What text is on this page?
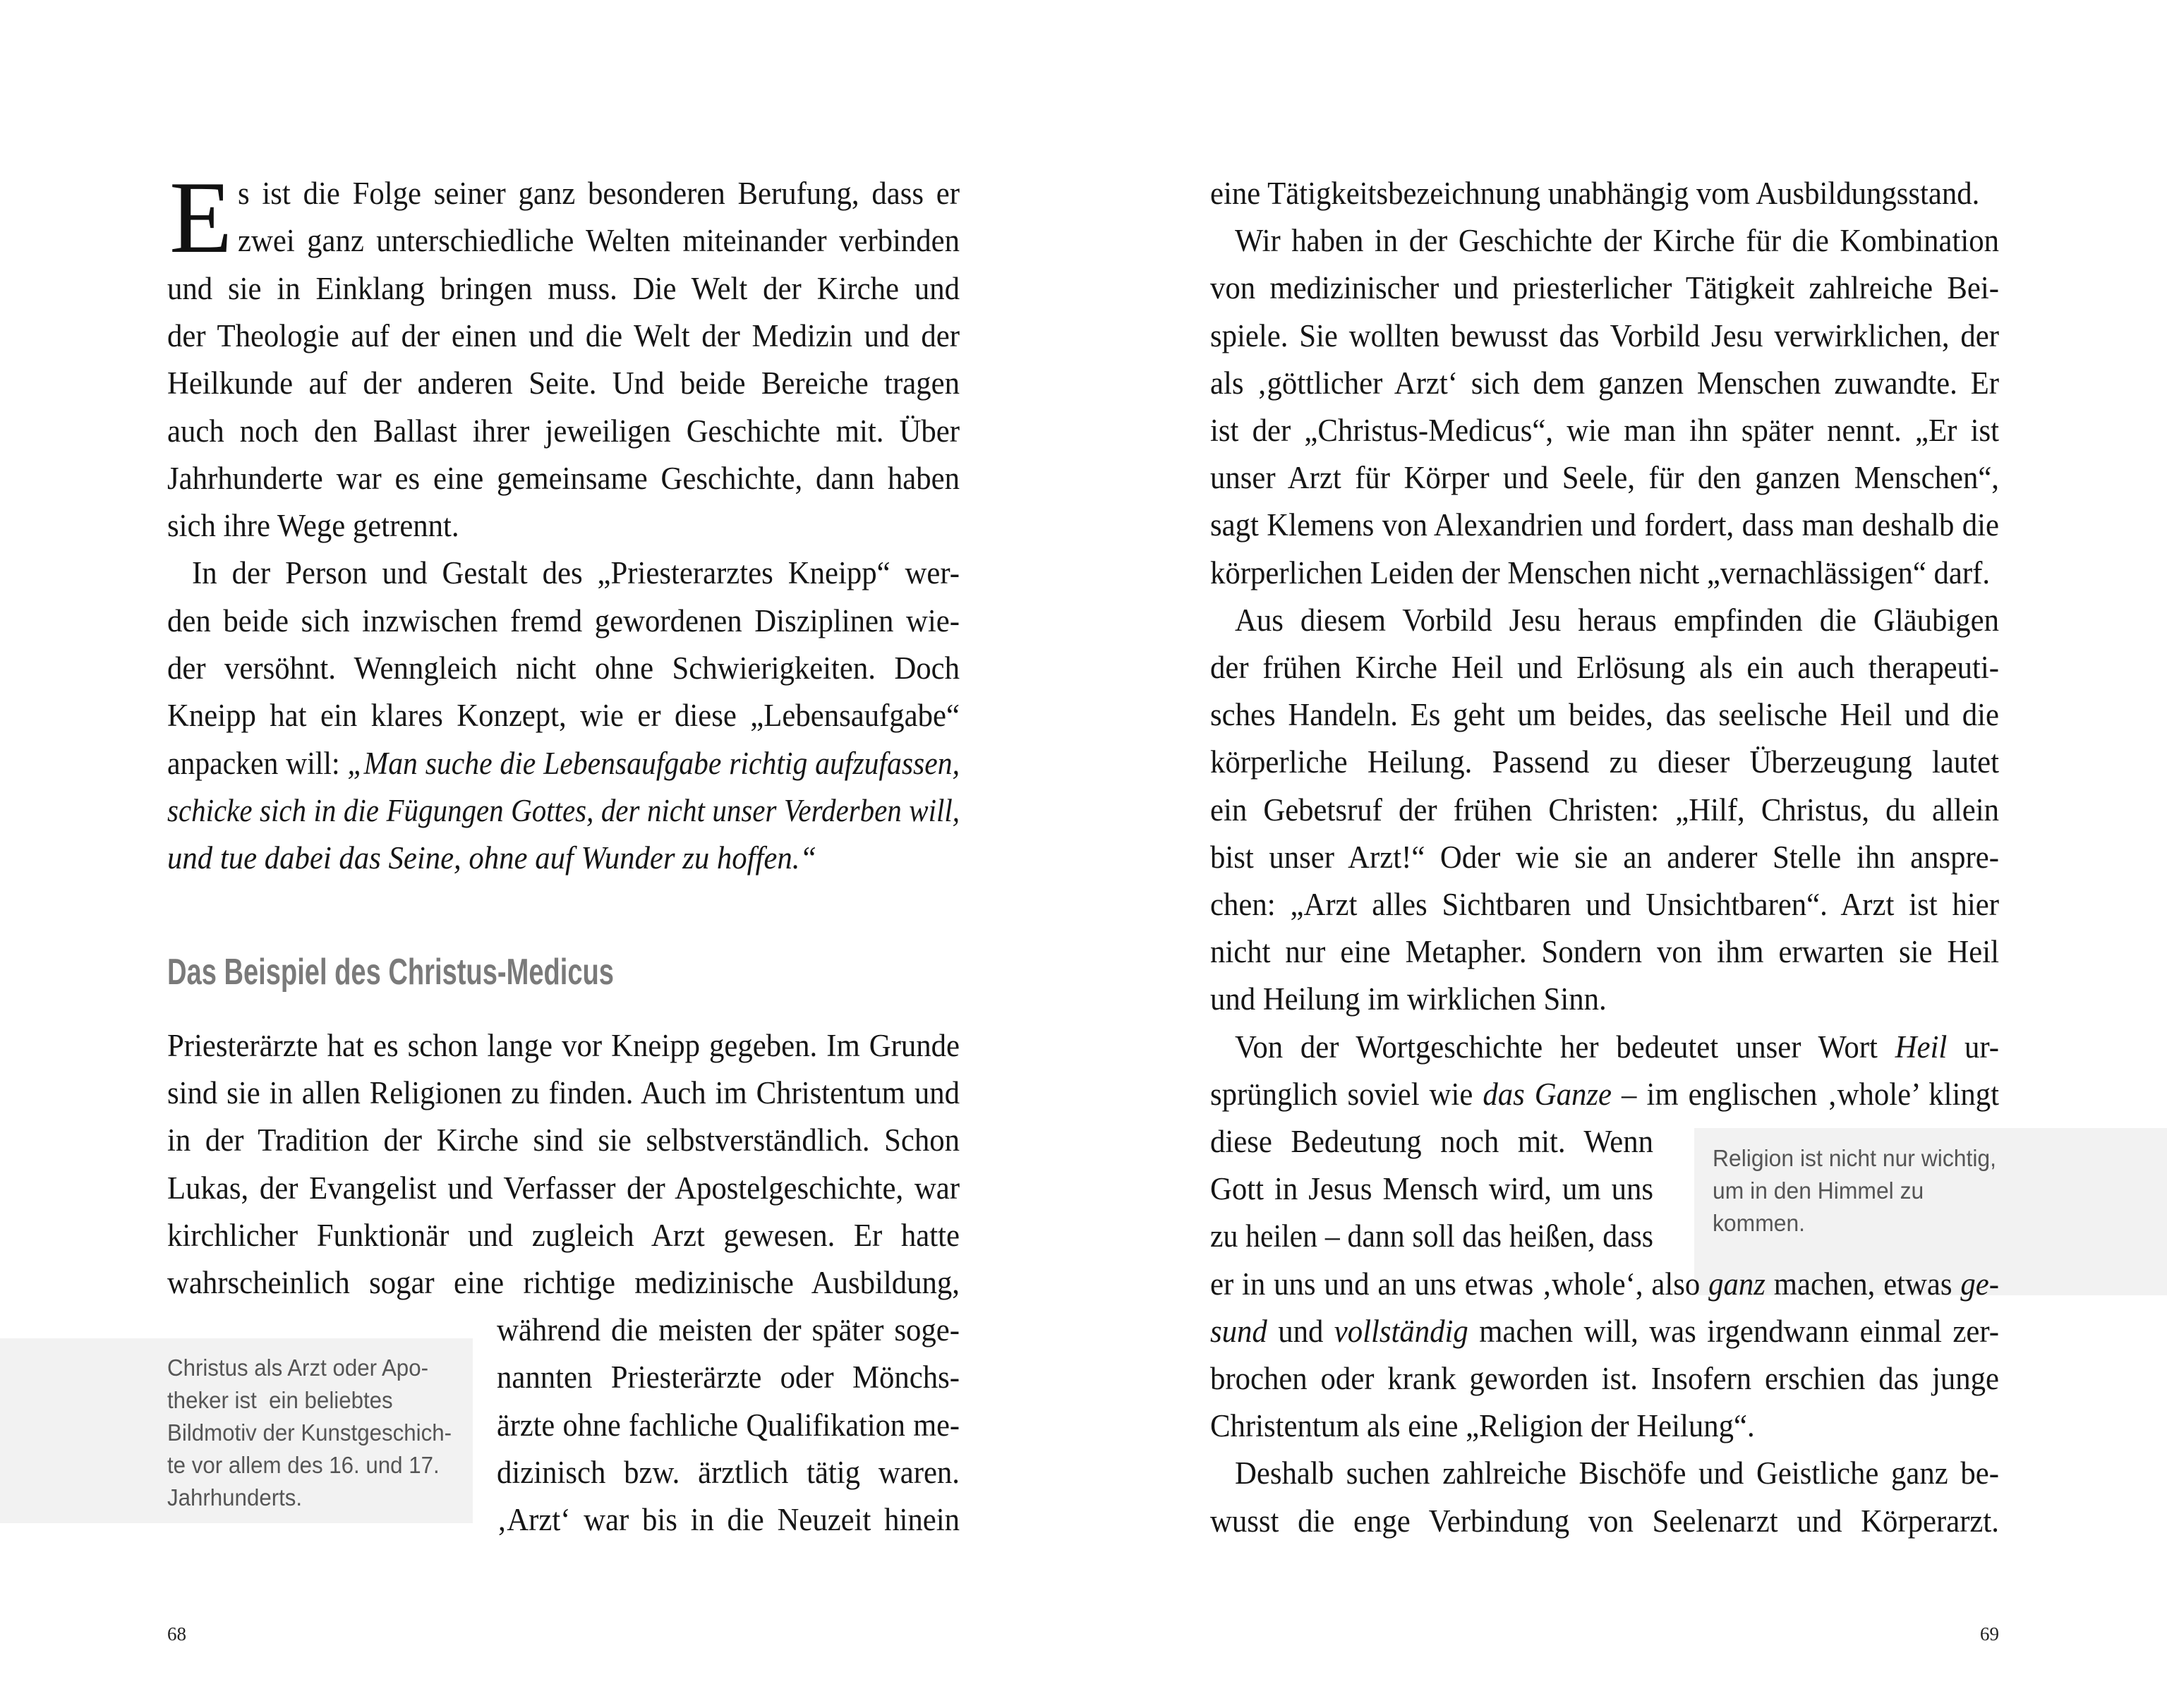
E
Das Beispiel des Christus-Medicus
Christus als Arzt oder Apo-
theker ist  ein beliebtes
Bildmotiv der Kunstgeschich-
te vor allem des 16. und 17.
Jahrhunderts.
Religion ist nicht nur wichtig,
um in den Himmel zu
kommen.
68	69
s ist die Folge seiner ganz besonderen Berufung, dass er
zwei ganz unterschiedliche Welten miteinander verbinden
und sie in Einklang bringen muss. Die Welt der Kirche und
der Theologie auf der einen und die Welt der Medizin und der
Heilkunde auf der anderen Seite. Und beide Bereiche tragen
auch noch den Ballast ihrer jeweiligen Geschichte mit. Über
Jahrhunderte war es eine gemeinsame Geschichte, dann haben
sich ihre Wege getrennt.
In der Person und Gestalt des „Priesterarztes Kneipp“ wer-
den beide sich inzwischen fremd gewordenen Disziplinen wie-
der versöhnt. Wenngleich nicht ohne Schwierigkeiten. Doch
Kneipp hat ein klares Konzept, wie er diese „Lebensaufgabe“
anpacken will: „Man suche die Lebensaufgabe richtig aufzufassen,
schicke sich in die Fügungen Gottes, der nicht unser Verderben will,
und tue dabei das Seine, ohne auf Wunder zu hoffen.“
Priesterärzte hat es schon lange vor Kneipp gegeben. Im Grunde
sind sie in allen Religionen zu finden. Auch im Christentum und
in der Tradition der Kirche sind sie selbstverständlich. Schon
Lukas, der Evangelist und Verfasser der Apostelgeschichte, war
kirchlicher Funktionär und zugleich Arzt gewesen. Er hatte
wahrscheinlich sogar eine richtige medizinische Ausbildung,
während die meisten der später soge-
nannten Priesterärzte oder Mönchs-
ärzte ohne fachliche Qualifikation me-
dizinisch bzw. ärztlich tätig waren.
‚Arzt‘ war bis in die Neuzeit hinein
eine Tätigkeitsbezeichnung unabhängig vom Ausbildungsstand.
Wir haben in der Geschichte der Kirche für die Kombination
von medizinischer und priesterlicher Tätigkeit zahlreiche Bei-
spiele. Sie wollten bewusst das Vorbild Jesu verwirklichen, der
als ‚göttlicher Arzt‘ sich dem ganzen Menschen zuwandte. Er
ist der „Christus-Medicus“, wie man ihn später nennt. „Er ist
unser Arzt für Körper und Seele, für den ganzen Menschen“,
sagt Klemens von Alexandrien und fordert, dass man deshalb die
körperlichen Leiden der Menschen nicht „vernachlässigen“ darf.
Aus diesem Vorbild Jesu heraus empfinden die Gläubigen
der frühen Kirche Heil und Erlösung als ein auch therapeuti-
sches Handeln. Es geht um beides, das seelische Heil und die
körperliche Heilung. Passend zu dieser Überzeugung lautet
ein Gebetsruf der frühen Christen: „Hilf, Christus, du allein
bist unser Arzt!“ Oder wie sie an anderer Stelle ihn anspre-
chen: „Arzt alles Sichtbaren und Unsichtbaren“. Arzt ist hier
nicht nur eine Metapher. Sondern von ihm erwarten sie Heil
und Heilung im wirklichen Sinn.
Von der Wortgeschichte her bedeutet unser Wort Heil ur-
sprünglich soviel wie das Ganze – im englischen ‚whole’ klingt
diese Bedeutung noch mit. Wenn
Gott in Jesus Mensch wird, um uns
zu heilen – dann soll das heißen, dass
er in uns und an uns etwas ‚whole‘, also ganz machen, etwas ge-
sund und vollständig machen will, was irgendwann einmal zer-
brochen oder krank geworden ist. Insofern erschien das junge
Christentum als eine „Religion der Heilung“.
Deshalb suchen zahlreiche Bischöfe und Geistliche ganz be-
wusst die enge Verbindung von Seelenarzt und Körperarzt.
